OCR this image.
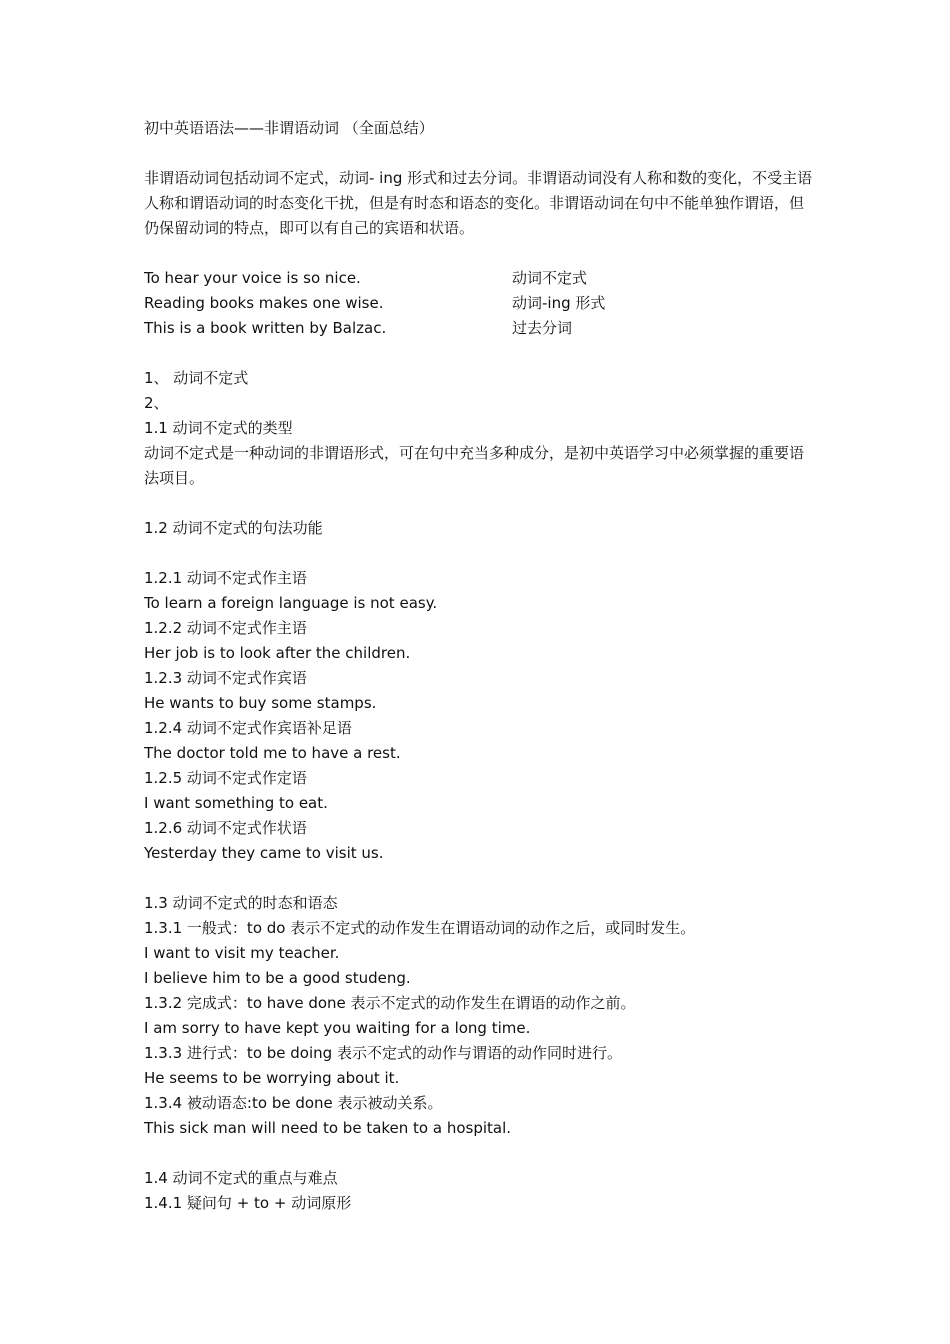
初中英语语法——非谓语动词 （全面总结）
非谓语动词包括动词不定式，动词- ing 形式和过去分词。非谓语动词没有人称和数的变化，不受主语人称和谓语动词的时态变化干扰，但是有时态和语态的变化。非谓语动词在句中不能单独作谓语，但仍保留动词的特点，即可以有自己的宾语和状语。
To hear your voice is so nice.	动词不定式
Reading books makes one wise.	动词-ing 形式
This is a book written by Balzac.	过去分词
1、 动词不定式
2、
1.1 动词不定式的类型
动词不定式是一种动词的非谓语形式，可在句中充当多种成分，是初中英语学习中必须掌握的重要语法项目。
1.2 动词不定式的句法功能
1.2.1 动词不定式作主语
To learn a foreign language is not easy.
1.2.2 动词不定式作主语
Her job is to look after the children.
1.2.3 动词不定式作宾语
He wants to buy some stamps.
1.2.4 动词不定式作宾语补足语
The doctor told me to have a rest.
1.2.5 动词不定式作定语
I want something to eat.
1.2.6 动词不定式作状语
Yesterday they came to visit us.
1.3 动词不定式的时态和语态
1.3.1 一般式：to do 表示不定式的动作发生在谓语动词的动作之后，或同时发生。
I want to visit my teacher.
I believe him to be a good studeng.
1.3.2 完成式：to have done 表示不定式的动作发生在谓语的动作之前。
I am sorry to have kept you waiting for a long time.
1.3.3 进行式：to be doing 表示不定式的动作与谓语的动作同时进行。
He seems to be worrying about it.
1.3.4 被动语态:to be done 表示被动关系。
This sick man will need to be taken to a hospital.
1.4 动词不定式的重点与难点
1.4.1 疑问句 + to + 动词原形
